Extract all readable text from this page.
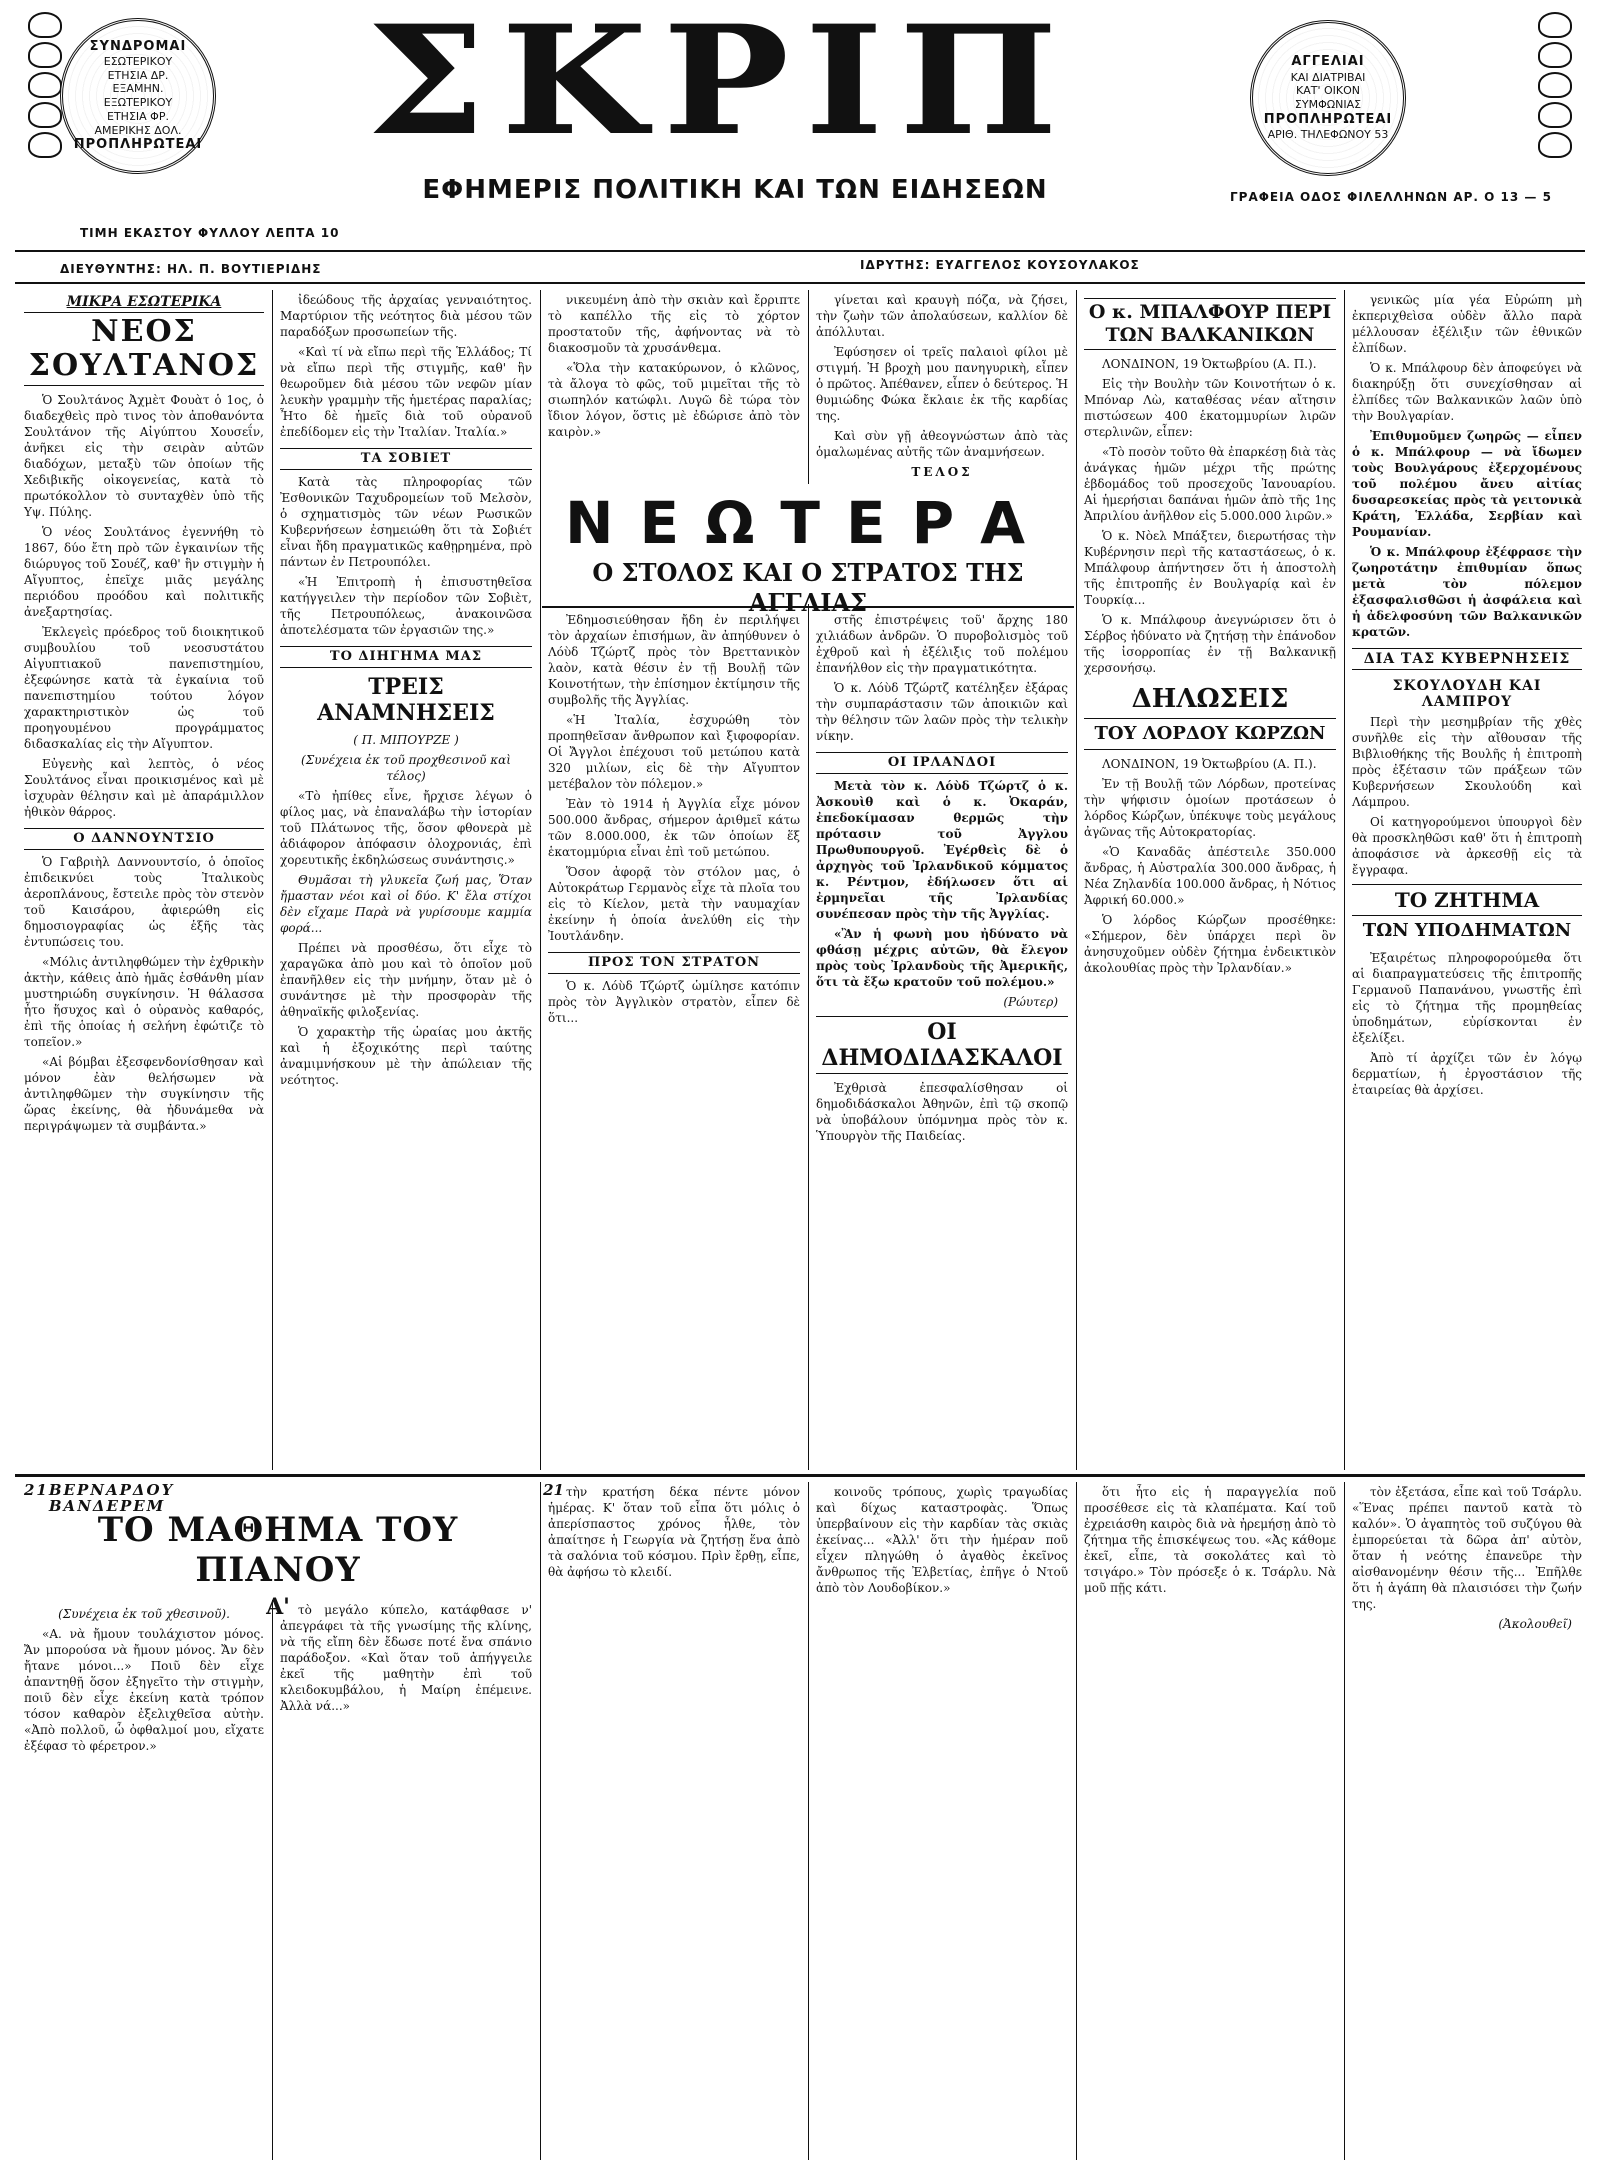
ΣΥΝΔΡΟΜΑΙ
ΕΣΩΤΕΡΙΚΟΥ
ΕΤΗΣΙΑ ΔΡ.
ΕΞΑΜΗΝ.
ΕΞΩΤΕΡΙΚΟΥ
ΕΤΗΣΙΑ ΦΡ.
ΑΜΕΡΙΚΗΣ ΔΟΛ.
ΠΡΟΠΛΗΡΩΤΕΑΙ ΣΚΡΙΠ
ΕΦΗΜΕΡΙΣ ΠΟΛΙΤΙΚΗ ΚΑΙ ΤΩΝ ΕΙΔΗΣΕΩΝ
ΑΓΓΕΛΙΑΙ
ΚΑΙ ΔΙΑΤΡΙΒΑΙ
ΚΑΤ' ΟΙΚΟΝ
ΣΥΜΦΩΝΙΑΣ
ΠΡΟΠΛΗΡΩΤΕΑΙ
ΑΡΙΘ. ΤΗΛΕΦΩΝΟΥ 53
ΤΙΜΗ ΕΚΑΣΤΟΥ ΦΥΛΛΟΥ ΛΕΠΤΑ 10
ΓΡΑΦΕΙΑ ΟΔΟΣ ΦΙΛΕΛΛΗΝΩΝ ΑΡ. Ο 13 — 5
ΔΙΕΥΘΥΝΤΗΣ: ΗΛ. Π. ΒΟΥΤΙΕΡΙΔΗΣ	ΙΔΡΥΤΗΣ: ΕΥΑΓΓΕΛΟΣ ΚΟΥΣΟΥΛΑΚΟΣ
ΜΙΚΡΑ ΕΣΩΤΕΡΙΚΑ
ΝΕΟΣ ΣΟΥΛΤΑΝΟΣ

Ὁ Σουλτάνος Ἀχμὲτ Φουὰτ ὁ 1ος, ὁ διαδεχθεὶς πρὸ τινος τὸν ἀποθανόντα Σουλτάνον τῆς Αἰγύπτου Χουσεΐν, ἀνῆκει εἰς τὴν σειρὰν αὐτῶν διαδόχων, μεταξὺ τῶν ὁποίων τῆς Χεδιβικῆς οἰκογενείας, κατὰ τὸ πρωτόκολλον τὸ συνταχθὲν ὑπὸ τῆς Υψ. Πύλης.

Ὁ νέος Σουλτάνος ἐγεννήθη τὸ 1867, δύο ἔτη πρὸ τῶν ἐγκαινίων τῆς διώρυγος τοῦ Σουέζ, καθ' ἣν στιγμὴν ἡ Αἴγυπτος, ἐπεῖχε μιᾶς μεγάλης περιόδου προόδου καὶ πολιτικῆς ἀνεξαρτησίας.

Ἐκλεγεὶς πρόεδρος τοῦ διοικητικοῦ συμβουλίου τοῦ νεοσυστάτου Αἰγυπτιακοῦ πανεπιστημίου, ἐξεφώνησε κατὰ τὰ ἐγκαίνια τοῦ πανεπιστημίου τούτου λόγον χαρακτηριστικὸν ὡς τοῦ προηγουμένου προγράμματος διδασκαλίας εἰς τὴν Αἴγυπτον.

Εὐγενὴς καὶ λεπτὸς, ὁ νέος Σουλτάνος εἶναι προικισμένος καὶ μὲ ἰσχυρὰν θέλησιν καὶ μὲ ἀπαράμιλλον ἠθικὸν θάρρος.

Ο ΔΑΝΝΟΥΝΤΣΙΟ

Ὁ Γαβριὴλ Δαννουντσίο, ὁ ὁποῖος ἐπιδεικνύει τοὺς Ἰταλικοὺς ἀεροπλάνους, ἔστειλε πρὸς τὸν στενὸν τοῦ Καισάρου, ἀφιερώθη εἰς δημοσιογραφίας ὡς ἑξῆς τὰς ἐντυπώσεις του.

«Μόλις ἀντιληφθώμεν τὴν ἐχθρικὴν ἀκτὴν, κάθεις ἀπὸ ἡμᾶς ἐσθάνθη μίαν μυστηριώδη συγκίνησιν. Ἡ θάλασσα ἦτο ἥσυχος καὶ ὁ οὐρανὸς καθαρός, ἐπὶ τῆς ὁποίας ἡ σελήνη ἐφώτιζε τὸ τοπεῖον.»

«Αἱ βόμβαι ἐξεσφενδονίσθησαν καὶ μόνον ἐὰν θελήσωμεν νὰ ἀντιληφθῶμεν τὴν συγκίνησιν τῆς ὥρας ἐκείνης, θὰ ἠδυνάμεθα νὰ περιγράψωμεν τὰ συμβάντα.»

ἰδεώδους τῆς ἀρχαίας γενναιότητος. Μαρτύριον τῆς νεότητος διὰ μέσου τῶν παραδόξων προσωπείων τῆς.

«Καὶ τί νὰ εἴπω περὶ τῆς Ἑλλάδος; Τί νὰ εἴπω περὶ τῆς στιγμῆς, καθ' ἣν θεωροῦμεν διὰ μέσου τῶν νεφῶν μίαν λευκὴν γραμμὴν τῆς ἡμετέρας παραλίας; Ἦτο δὲ ἡμεῖς διὰ τοῦ οὐρανοῦ ἐπεδίδομεν εἰς τὴν Ἰταλίαν. Ἰταλία.»

ΤΑ ΣΟΒΙΕΤ

Κατὰ τὰς πληροφορίας τῶν Ἐσθονικῶν Ταχυδρομείων τοῦ Μελσὸν, ὁ σχηματισμὸς τῶν νέων Ρωσικῶν Κυβερνήσεων ἐσημειώθη ὅτι τὰ Σοβιέτ εἶναι ἤδη πραγματικῶς καθῃρημένα, πρὸ πάντων ἐν Πετρουπόλει.

«Ἡ Ἐπιτροπὴ ἡ ἐπισυστηθεῖσα κατήγγειλεν τὴν περίοδον τῶν Σοβιὲτ, τῆς Πετρουπόλεως, ἀνακοινῶσα ἀποτελέσματα τῶν ἐργασιῶν της.»

ΤΟ ΔΙΗΓΗΜΑ ΜΑΣ
ΤΡΕΙΣ ΑΝΑΜΝΗΣΕΙΣ
( Π. ΜΙΠΟΥΡΖΕ )
(Συνέχεια ἐκ τοῦ προχθεσινοῦ καὶ τέλος)

«Τὸ ἠπίθες εἶνε, ἤρχισε λέγων ὁ φίλος μας, νὰ ἐπαναλάβω τὴν ἱστορίαν τοῦ Πλάτωνος τῆς, ὅσον φθονερὰ μὲ ἀδιάφορον ἀπόφασιν ὁλοχρονιάς, ἐπὶ χορευτικῆς ἐκδηλώσεως συνάντησις.»

Θυμᾶσαι τὴ γλυκεῖα ζωή μας, Ὅταν ἤμασταν νέοι καὶ οἱ δύο. Κ' ἔλα στίχοι δὲν εἴχαμε Παρὰ νὰ γυρίσουμε καμμία φορά...

Πρέπει νὰ προσθέσω, ὅτι εἶχε τὸ χαραγῶκα ἀπὸ μου καὶ τὸ ὁποῖον μοῦ ἐπανῆλθεν εἰς τὴν μνήμην, ὅταν μὲ ὁ συνάντησε μὲ τὴν προσφορὰν τῆς ἀθηναϊκῆς φιλοξενίας.

Ὁ χαρακτὴρ τῆς ὡραίας μου ἀκτῆς καὶ ἡ ἐξοχικότης περὶ ταύτης ἀναμιμνήσκουν μὲ τὴν ἀπώλειαν τῆς νεότητος.

νικευμένη ἀπὸ τὴν σκιὰν καὶ ἔρριπτε τὸ καπέλλο τῆς εἰς τὸ χόρτον προστατοῦν τῆς, ἀφήνοντας νὰ τὸ διακοσμοῦν τὰ χρυσάνθεμα.

«Ὅλα τὴν κατακύρωνον, ὁ κλῶνος, τὰ ἄλογα τὸ φῶς, τοῦ μιμεῖται τῆς τὸ σιωπηλόν κατώφλι. Λυγῶ δὲ τώρα τὸν ἴδιον λόγον, ὅστις μὲ ἐδώρισε ἀπὸ τὸν καιρὸν.»

γίνεται καὶ κραυγὴ πόζα, νὰ ζήσει, τὴν ζωὴν τῶν ἀπολαύσεων, καλλίον δὲ ἀπόλλυται.

Ἐφύσησεν οἱ τρεῖς παλαιοὶ φίλοι μὲ στιγμή. Ἡ βροχὴ μου πανηγυρικὴ, εἶπεν ὁ πρῶτος. Ἀπέθανεν, εἶπεν ὁ δεύτερος. Ἡ θυμιώδης Φώκα ἔκλαιε ἐκ τῆς καρδίας της.

Καὶ σὺν γῇ ἀθεογνώστων ἀπὸ τὰς ὁμαλωμένας αὐτῆς τῶν ἀναμνήσεων.

ΤΕΛΟΣ
ΝΕΩΤΕΡΑ
Ο ΣΤΟΛΟΣ ΚΑΙ Ο ΣΤΡΑΤΟΣ ΤΗΣ ΑΓΓΛΙΑΣ

Ἐδημοσιεύθησαν ἤδη ἐν περιλήψει τὸν ἀρχαίων ἐπισήμων, ἂν ἀπηύθυνεν ὁ Λόὺδ Τζώρτζ πρὸς τὸν Βρεττανικὸν λαὸν, κατὰ θέσιν ἐν τῇ Βουλῇ τῶν Κοινοτήτων, τὴν ἐπίσημον ἐκτίμησιν τῆς συμβολῆς τῆς Ἀγγλίας.

«Ἡ Ἰταλία, ἐσχυρώθη τὸν προπηθεῖσαν ἄνθρωπον καὶ ξιφοφορίαν. Οἱ Ἄγγλοι ἐπέχουσι τοῦ μετώπου κατὰ 320 μιλίων, εἰς δὲ τὴν Αἴγυπτον μετέβαλον τὸν πόλεμον.»

Ἐὰν τὸ 1914 ἡ Ἀγγλία εἶχε μόνον 500.000 ἄνδρας, σήμερον ἀριθμεῖ κάτω τῶν 8.000.000, ἐκ τῶν ὁποίων ἕξ ἑκατομμύρια εἶναι ἐπὶ τοῦ μετώπου.

Ὅσον ἀφορᾷ τὸν στόλον μας, ὁ Αὐτοκράτωρ Γερμανὸς εἶχε τὰ πλοῖα του εἰς τὸ Κίελον, μετὰ τὴν ναυμαχίαν ἐκείνην ἡ ὁποία ἀνελύθη εἰς τὴν Ἰουτλάνδην.

ΠΡΟΣ ΤΟΝ ΣΤΡΑΤΟΝ

Ὁ κ. Λόὺδ Τζώρτζ ὡμίλησε κατόπιν πρὸς τὸν Ἀγγλικὸν στρατὸν, εἶπεν δὲ ὅτι...

στῆς ἐπιστρέψεις τοῦ' ἄρχης 180 χιλιάδων ἀνδρῶν. Ὁ πυροβολισμὸς τοῦ ἐχθροῦ καὶ ἡ ἐξέλιξις τοῦ πολέμου ἐπανήλθον εἰς τὴν πραγματικότητα.

Ὁ κ. Λόὺδ Τζώρτζ κατέληξεν ἐξάρας τὴν συμπαράστασιν τῶν ἀποικιῶν καὶ τὴν θέλησιν τῶν λαῶν πρὸς τὴν τελικὴν νίκην.

ΟΙ ΙΡΛΑΝΔΟΙ

Μετὰ τὸν κ. Λόὺδ Τζώρτζ ὁ κ. Ἀσκουὶθ καὶ ὁ κ. Ὀκαράν, ἐπεδοκίμασαν θερμῶς τὴν πρότασιν τοῦ Ἀγγλου Πρωθυπουργοῦ. Ἐγέρθεὶς δὲ ὁ ἀρχηγὸς τοῦ Ἰρλανδικοῦ κόμματος κ. Ρέντμον, ἐδήλωσεν ὅτι αἱ ἐρμηνεῖαι τῆς Ἰρλανδίας συνέπεσαν πρὸς τὴν τῆς Ἀγγλίας.

«Ἂν ἡ φωνὴ μου ἠδύνατο νὰ φθάσῃ μέχρις αὐτῶν, θὰ ἔλεγον πρὸς τοὺς Ἰρλανδοὺς τῆς Ἀμερικῆς, ὅτι τὰ ἔξω κρατοῦν τοῦ πολέμου.»

(Ρώυτερ)
ΟΙ ΔΗΜΟΔΙΔΑΣΚΑΛΟΙ

Ἐχθρισὰ ἐπεσφαλίσθησαν οἱ δημοδιδάσκαλοι Ἀθηνῶν, ἐπὶ τῷ σκοπῷ νὰ ὑποβάλουν ὑπόμνημα πρὸς τὸν κ. Ὑπουργὸν τῆς Παιδείας.

Ο κ. ΜΠΑΛΦΟΥΡ ΠΕΡΙ ΤΩΝ ΒΑΛΚΑΝΙΚΩΝ

ΛΟΝΔΙΝΟΝ, 19 Ὀκτωβρίου (Α. Π.).

Εἰς τὴν Βουλὴν τῶν Κοινοτήτων ὁ κ. Μπόναρ Λὼ, καταθέσας νέαν αἴτησιν πιστώσεων 400 ἑκατομμυρίων λιρῶν στερλινῶν, εἶπεν:

«Τὸ ποσὸν τοῦτο θὰ ἐπαρκέσῃ διὰ τὰς ἀνάγκας ἡμῶν μέχρι τῆς πρώτης ἑβδομάδος τοῦ προσεχοῦς Ἰανουαρίου. Αἱ ἡμερήσιαι δαπάναι ἡμῶν ἀπὸ τῆς 1ης Ἀπριλίου ἀνῆλθον εἰς 5.000.000 λιρῶν.»

Ὁ κ. Νὸελ Μπάξτεν, διερωτήσας τὴν Κυβέρνησιν περὶ τῆς καταστάσεως, ὁ κ. Μπάλφουρ ἀπήντησεν ὅτι ἡ ἀποστολὴ τῆς ἐπιτροπῆς ἐν Βουλγαρίᾳ καὶ ἐν Τουρκίᾳ...

Ὁ κ. Μπάλφουρ ἀνεγνώρισεν ὅτι ὁ Σέρβος ἠδύνατο νὰ ζητήσῃ τὴν ἐπάνοδον τῆς ἰσορροπίας ἐν τῇ Βαλκανικῇ χερσονήσῳ.

ΔΗΛΩΣΕΙΣ
ΤΟΥ ΛΟΡΔΟΥ ΚΩΡΖΩΝ

ΛΟΝΔΙΝΟΝ, 19 Ὀκτωβρίου (Α. Π.).

Ἐν τῇ Βουλῇ τῶν Λόρδων, προτείνας τὴν ψήφισιν ὁμοίων προτάσεων ὁ λόρδος Κώρζων, ὑπέκυψε τοὺς μεγάλους ἀγῶνας τῆς Αὐτοκρατορίας.

«Ὁ Καναδᾶς ἀπέστειλε 350.000 ἄνδρας, ἡ Αὐστραλία 300.000 ἄνδρας, ἡ Νέα Ζηλανδία 100.000 ἄνδρας, ἡ Νότιος Ἀφρική 60.000.»

Ὁ λόρδος Κώρζων προσέθηκε: «Σήμερον, δὲν ὑπάρχει περὶ ὃν ἀνησυχοῦμεν οὐδὲν ζήτημα ἐνδεικτικὸν ἀκολουθίας πρὸς τὴν Ἰρλανδίαν.»

γενικῶς μία γέα Εὐρώπη μὴ ἐκπεριχθεὶσα οὐδὲν ἄλλο παρὰ μέλλουσαν ἐξέλιξιν τῶν ἐθνικῶν ἐλπίδων.

Ὁ κ. Μπάλφουρ δὲν ἀποφεύγει νὰ διακηρύξῃ ὅτι συνεχίσθησαν αἱ ἐλπίδες τῶν Βαλκανικῶν λαῶν ὑπὸ τὴν Βουλγαρίαν.

Ἐπιθυμοῦμεν ζωηρῶς — εἶπεν ὁ κ. Μπάλφουρ — νὰ ἴδωμεν τοὺς Βουλγάρους ἐξερχομένους τοῦ πολέμου ἄνευ αἰτίας δυσαρεσκείας πρὸς τὰ γειτονικὰ Κράτη, Ἑλλάδα, Σερβίαν καὶ Ρουμανίαν.

Ὁ κ. Μπάλφουρ ἐξέφρασε τὴν ζωηροτάτην ἐπιθυμίαν ὅπως μετὰ τὸν πόλεμον ἐξασφαλισθῶσι ἡ ἀσφάλεια καὶ ἡ ἀδελφοσύνη τῶν Βαλκανικῶν κρατῶν.

ΔΙΑ ΤΑΣ ΚΥΒΕΡΝΗΣΕΙΣ
ΣΚΟΥΛΟΥΔΗ ΚΑΙ ΛΑΜΠΡΟΥ

Περὶ τὴν μεσημβρίαν τῆς χθὲς συνῆλθε εἰς τὴν αἴθουσαν τῆς Βιβλιοθήκης τῆς Βουλῆς ἡ ἐπιτροπὴ πρὸς ἐξέτασιν τῶν πράξεων τῶν Κυβερνήσεων Σκουλούδη καὶ Λάμπρου.

Οἱ κατηγορούμενοι ὑπουργοὶ δὲν θὰ προσκληθῶσι καθ' ὅτι ἡ ἐπιτροπὴ ἀποφάσισε νὰ ἀρκεσθῇ εἰς τὰ ἔγγραφα.

ΤΟ ΖΗΤΗΜΑ
ΤΩΝ ΥΠΟΔΗΜΑΤΩΝ

Ἐξαιρέτως πληροφορούμεθα ὅτι αἱ διαπραγματεύσεις τῆς ἐπιτροπῆς Γερμανοῦ Παπανάνου, γνωστῆς ἐπὶ εἰς τὸ ζήτημα τῆς προμηθείας ὑποδημάτων, εὐρίσκονται ἐν ἐξελίξει.

Ἀπὸ τί ἀρχίζει τῶν ἐν λόγῳ δερματίων, ἡ ἐργοστάσιον τῆς ἐταιρείας θὰ ἀρχίσει.

21 ΒΕΡΝΑΡΔΟΥ ΒΑΝΔΕΡΕΜ
21
ΤΟ ΜΑΘΗΜΑ ΤΟΥ ΠΙΑΝΟΥ
Α'
(Συνέχεια ἐκ τοῦ χθεσινοῦ).

«Α. νὰ ἤμουν τουλάχιστον μόνος. Ἄν μπορούσα νὰ ἤμουν μόνος. Ἄν δὲν ἤτανε μόνοι...» Ποιῦ δὲν εἶχε ἀπαντηθῇ ὅσον ἐξηγεῖτο τὴν στιγμὴν, ποιῦ δὲν εἶχε ἐκείνη κατὰ τρόπον τόσον καθαρὸν ἐξελιχθεῖσα αὐτὴν. «Ἀπὸ πολλοῦ, ὧ ὀφθαλμοί μου, εἴχατε ἐξέφασ τὸ φέρετρον.»

τὸ μεγάλο κύπελο, κατάφθασε ν' ἀπεγράφει τὰ τῆς γνωσίμης τῆς κλίνης, νὰ τῆς εἴπη δὲν ἔδωσε ποτέ ἔνα σπάνιο παράδοξον. «Καὶ ὅταν τοῦ ἀπήγγειλε ἐκεῖ τῆς μαθητὴν ἐπὶ τοῦ κλειδοκυμβάλου, ἡ Μαίρη ἐπέμεινε. Ἀλλὰ νά...»

τὴν κρατήση δέκα πέντε μόνον ἡμέρας. Κ' ὅταν τοῦ εἶπα ὅτι μόλις ὁ ἀπερίσπαστος χρόνος ἦλθε, τὸν ἀπαίτησε ἡ Γεωργία νὰ ζητήσῃ ἕνα ἀπὸ τὰ σαλόνια τοῦ κόσμου. Πρὶν ἔρθῃ, εἶπε, θὰ ἀφήσω τὸ κλειδί.

κοινοῦς τρόπους, χωρὶς τραγωδίας καὶ δίχως καταστροφὰς. Ὅπως ὑπερβαίνουν εἰς τὴν καρδίαν τὰς σκιὰς ἐκείνας... «Ἀλλ' ὅτι τὴν ἡμέραν ποῦ εἶχεν πληγώθη ὁ ἀγαθὸς ἐκεῖνος ἄνθρωπος τῆς Ἐλβετίας, ἐπῆγε ὁ Ντοῦ ἀπὸ τὸν Λουδοβίκον.»

ὅτι ἦτο εἰς ἡ παραγγελία ποῦ προσέθεσε εἰς τὰ κλαπέματα. Καί τοῦ ἐχρειάσθη καιρὸς διὰ νὰ ἠρεμήσῃ ἀπὸ τὸ ζήτημα τῆς ἐπισκέψεως του. «Ἀς κάθομε ἐκεῖ, εἶπε, τὰ σοκολάτες καὶ τὸ τσιγάρο.» Τὸν πρόσεξε ὁ κ. Τσάρλυ. Νὰ μοῦ πῇς κάτι.

τὸν ἐξετάσα, εἶπε καὶ τοῦ Τσάρλυ. «Ἕνας πρέπει παντοῦ κατὰ τὸ καλόν». Ὁ ἀγαπητὸς τοῦ συζύγου θὰ ἐμπορεύεται τὰ δῶρα ἀπ' αὐτὸν, ὅταν ἡ νεότης ἐπανεῦρε τὴν αἰσθανομένην θέσιν τῆς... Ἐπῆλθε ὅτι ἡ ἀγάπη θὰ πλαισιόσει τὴν ζωήν της.

(Ἀκολουθεῖ)
